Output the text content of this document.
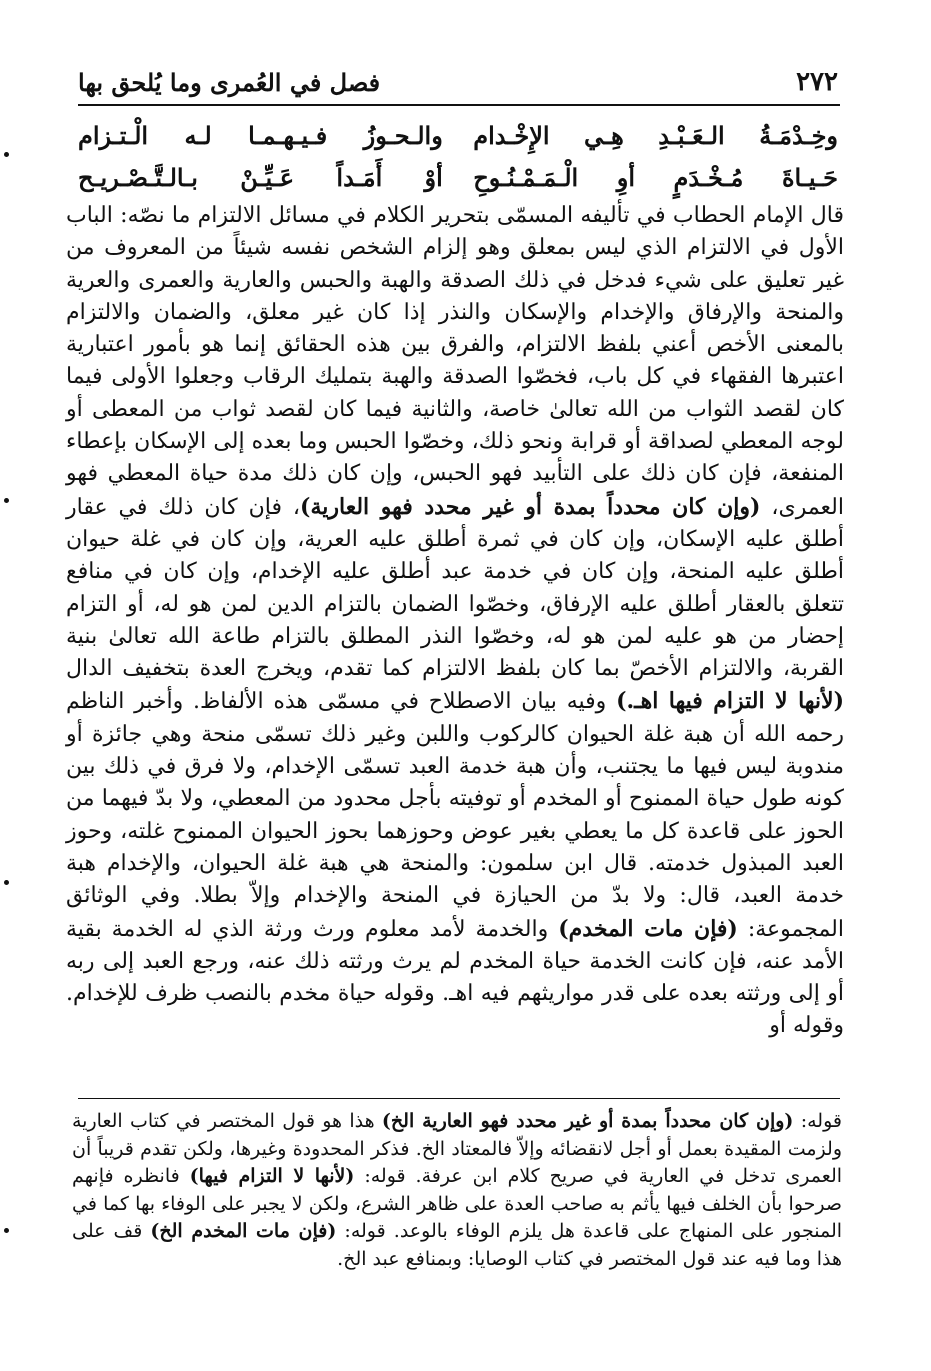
٢٧٢
فصل في العُمرى وما يُلحق بها
وخِـدْمَـةُ الـعَـبْـدِ هِـي الإِخْـدام
والـحـوزُ فـيـهـمـا لـه الْـتـزام
حَـيـاةَ مُـخْـدَمٍ أوِ الْـمَـمْـنُـوحِ
أوْ أَمَـداً عَـيِّـنْ بـالـتَّـصْـريـح

قال الإمام الحطاب في تأليفه المسمّى بتحرير الكلام في مسائل الالتزام ما نصّه: الباب الأول في الالتزام الذي ليس بمعلق وهو إلزام الشخص نفسه شيئاً من المعروف من غير تعليق على شيء فدخل في ذلك الصدقة والهبة والحبس والعارية والعمرى والعرية والمنحة والإرفاق والإخدام والإسكان والنذر إذا كان غير معلق، والضمان والالتزام بالمعنى الأخص أعني بلفظ الالتزام، والفرق بين هذه الحقائق إنما هو بأمور اعتبارية اعتبرها الفقهاء في كل باب، فخصّوا الصدقة والهبة بتمليك الرقاب وجعلوا الأولى فيما كان لقصد الثواب من الله تعالىٰ خاصة، والثانية فيما كان لقصد ثواب من المعطى أو لوجه المعطي لصداقة أو قرابة ونحو ذلك، وخصّوا الحبس وما بعده إلى الإسكان بإعطاء المنفعة، فإن كان ذلك على التأبيد فهو الحبس، وإن كان ذلك مدة حياة المعطي فهو العمرى، (وإن كان محدداً بمدة أو غير محدد فهو العارية)، فإن كان ذلك في عقار أطلق عليه الإسكان، وإن كان في ثمرة أطلق عليه العرية، وإن كان في غلة حيوان أطلق عليه المنحة، وإن كان في خدمة عبد أطلق عليه الإخدام، وإن كان في منافع تتعلق بالعقار أطلق عليه الإرفاق، وخصّوا الضمان بالتزام الدين لمن هو له، أو التزام إحضار من هو عليه لمن هو له، وخصّوا النذر المطلق بالتزام طاعة الله تعالىٰ بنية القربة، والالتزام الأخصّ بما كان بلفظ الالتزام كما تقدم، ويخرج العدة بتخفيف الدال (لأنها لا التزام فيها اهـ.) وفيه بيان الاصطلاح في مسمّى هذه الألفاظ. وأخبر الناظم رحمه الله أن هبة غلة الحيوان كالركوب واللبن وغير ذلك تسمّى منحة وهي جائزة أو مندوبة ليس فيها ما يجتنب، وأن هبة خدمة العبد تسمّى الإخدام، ولا فرق في ذلك بين كونه طول حياة الممنوح أو المخدم أو توفيته بأجل محدود من المعطي، ولا بدّ فيهما من الحوز على قاعدة كل ما يعطي بغير عوض وحوزهما بحوز الحيوان الممنوح غلته، وحوز العبد المبذول خدمته. قال ابن سلمون: والمنحة هي هبة غلة الحيوان، والإخدام هبة خدمة العبد، قال: ولا بدّ من الحيازة في المنحة والإخدام وإلاّ بطلا. وفي الوثائق المجموعة: (فإن مات المخدم) والخدمة لأمد معلوم ورث ورثة الذي له الخدمة بقية الأمد عنه، فإن كانت الخدمة حياة المخدم لم يرث ورثته ذلك عنه، ورجع العبد إلى ربه أو إلى ورثته بعده على قدر مواريثهم فيه اهـ. وقوله حياة مخدم بالنصب ظرف للإخدام. وقوله أو

قوله: (وإن كان محدداً بمدة أو غير محدد فهو العارية الخ) هذا هو قول المختصر في كتاب العارية ولزمت المقيدة بعمل أو أجل لانقضائه وإلاّ فالمعتاد الخ. فذكر المحدودة وغيرها، ولكن تقدم قريباً أن العمرى تدخل في العارية في صريح كلام ابن عرفة. قوله: (لأنها لا التزام فيها) فانظره فإنهم صرحوا بأن الخلف فيها يأثم به صاحب العدة على ظاهر الشرع، ولكن لا يجبر على الوفاء بها كما في المنجور على المنهاج على قاعدة هل يلزم الوفاء بالوعد. قوله: (فإن مات المخدم الخ) قف على هذا وما فيه عند قول المختصر في كتاب الوصايا: وبمنافع عبد الخ.
